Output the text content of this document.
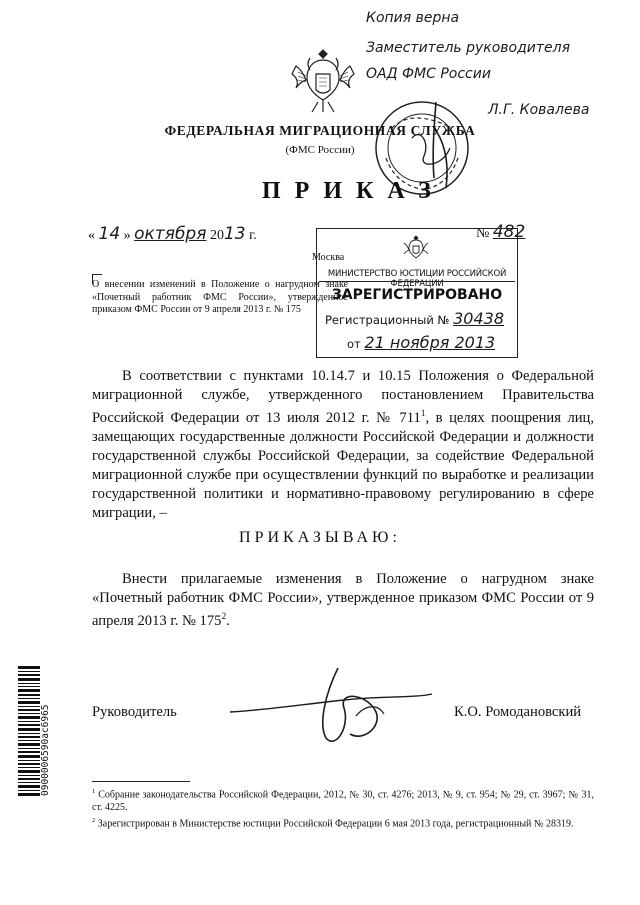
Копия верна
Заместитель руководителя
ОАД ФМС России
Л.Г. Ковалева
ФЕДЕРАЛЬНАЯ МИГРАЦИОННАЯ СЛУЖБА
(ФМС России)
ПРИКАЗ
« 14 » октября 2013 г.	№ 482
Москва
О внесении изменений в Положение о нагрудном знаке «Почетный работник ФМС России», утвержденное приказом ФМС России от 9 апреля 2013 г. № 175
МИНИСТЕРСТВО ЮСТИЦИИ РОССИЙСКОЙ ФЕДЕРАЦИИ
ЗАРЕГИСТРИРОВАНО
Регистрационный № 30438
от 21 ноября 2013
В соответствии с пунктами 10.14.7 и 10.15 Положения о Федеральной миграционной службе, утвержденного постановлением Правительства Российской Федерации от 13 июля 2012 г. № $711^1$, в целях поощрения лиц, замещающих государственные должности Российской Федерации и должности государственной службы Российской Федерации, за содействие Федеральной миграционной службе при осуществлении функций по выработке и реализации государственной политики и нормативно-правовому регулированию в сфере миграции, –
ПРИКАЗЫВАЮ:
Внести прилагаемые изменения в Положение о нагрудном знаке «Почетный работник ФМС России», утвержденное приказом ФМС России от 9 апреля 2013 г. № $175^2$.
Руководитель	К.О. Ромодановский
0900006590ac6965	$^1$ Собрание законодательства Российской Федерации, 2012, № 30, ст. 4276; 2013, № 9, ст. 954; № 29, ст. 3967; № 31, ст. 4225.

$^2$ Зарегистрирован в Министерстве юстиции Российской Федерации 6 мая 2013 года, регистрационный № 28319.
